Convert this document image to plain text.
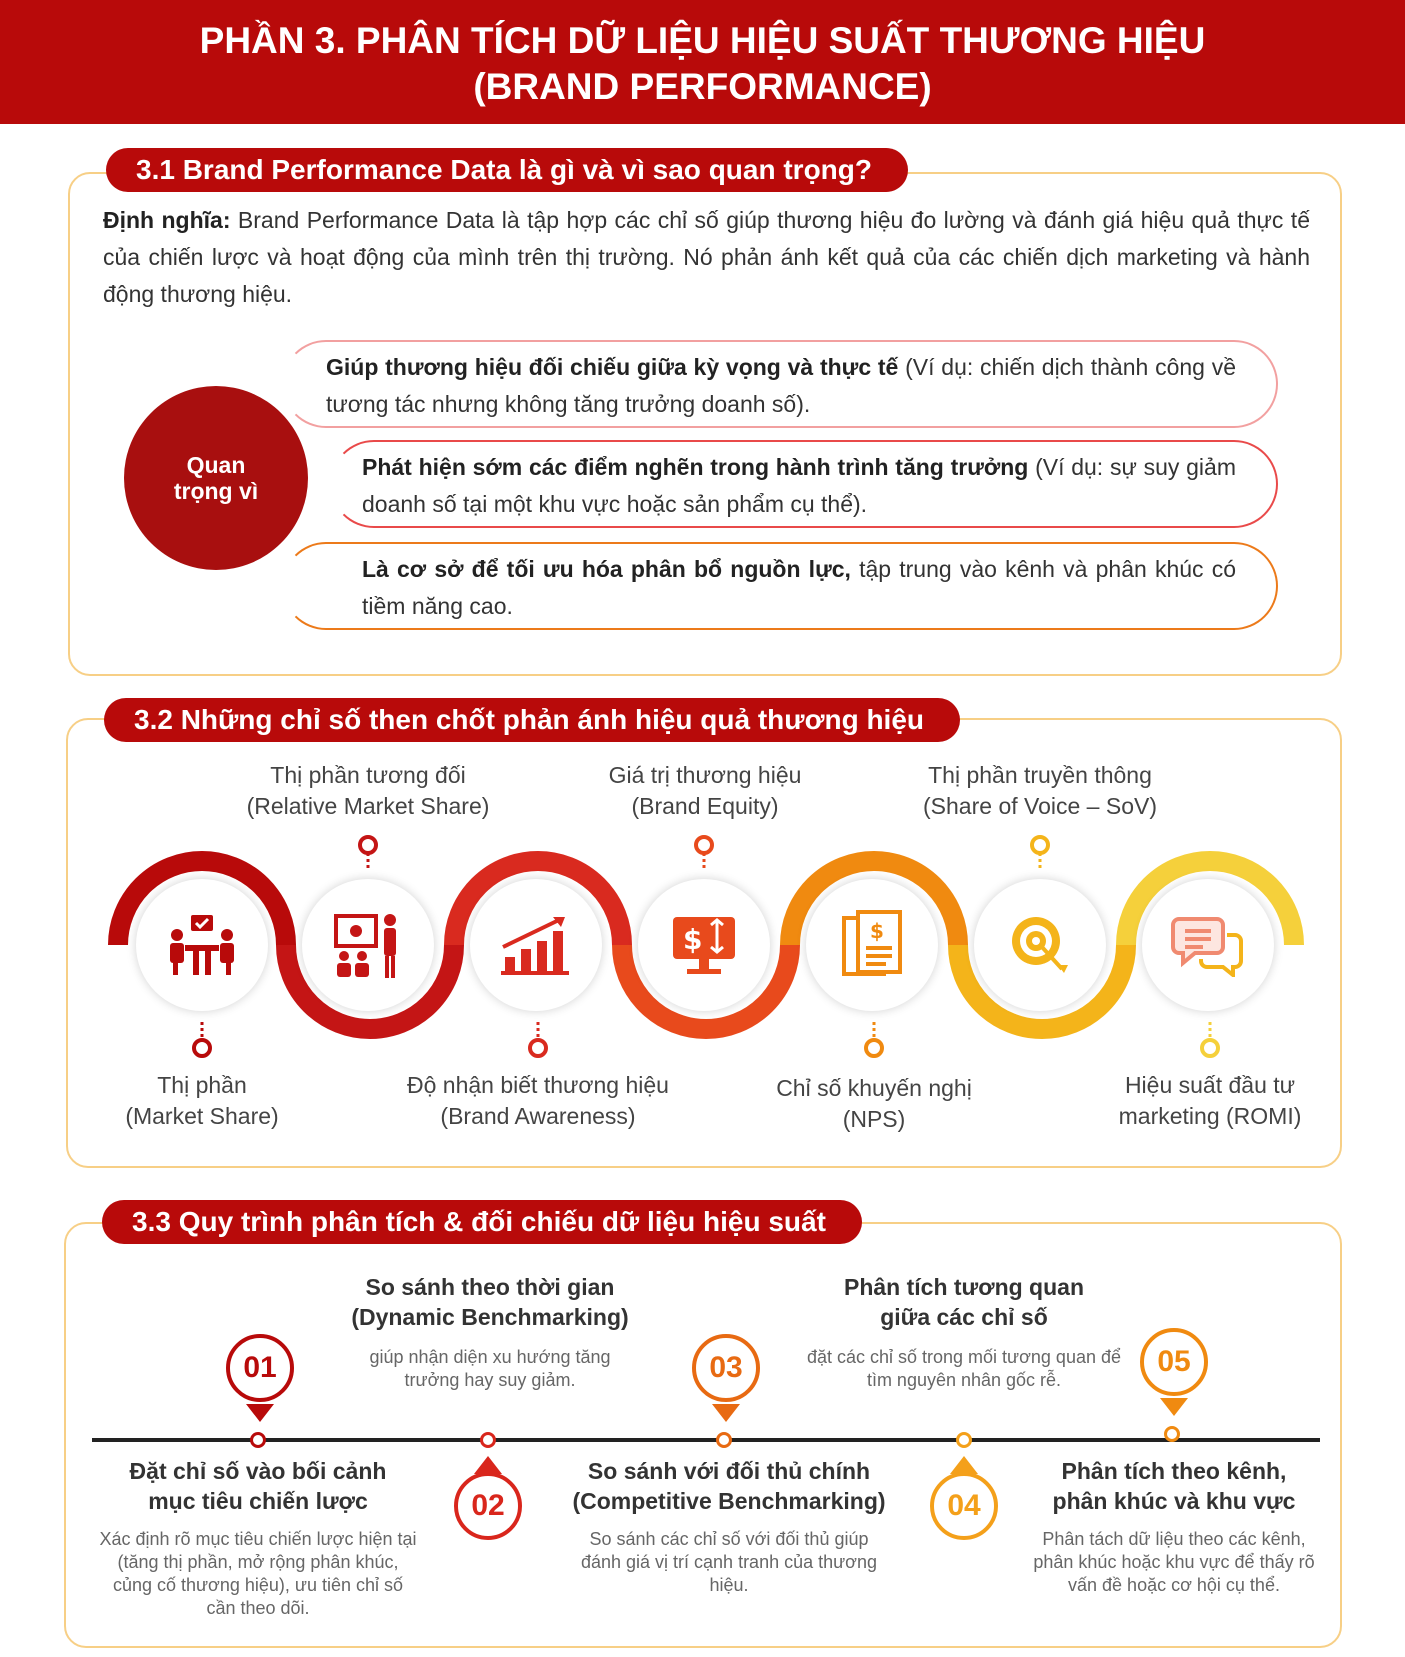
PHẦN 3. PHÂN TÍCH DỮ LIỆU HIỆU SUẤT THƯƠNG HIỆU
(BRAND PERFORMANCE)
3.1 Brand Performance Data là gì và vì sao quan trọng?
Định nghĩa: Brand Performance Data là tập hợp các chỉ số giúp thương hiệu đo lường và đánh giá hiệu quả thực tế của chiến lược và hoạt động của mình trên thị trường. Nó phản ánh kết quả của các chiến dịch marketing và hành động thương hiệu.
Quan trọng vì
Giúp thương hiệu đối chiếu giữa kỳ vọng và thực tế (Ví dụ: chiến dịch thành công về tương tác nhưng không tăng trưởng doanh số).
Phát hiện sớm các điểm nghẽn trong hành trình tăng trưởng (Ví dụ: sự suy giảm doanh số tại một khu vực hoặc sản phẩm cụ thể).
Là cơ sở để tối ưu hóa phân bổ nguồn lực, tập trung vào kênh và phân khúc có tiềm năng cao.
3.2 Những chỉ số then chốt phản ánh hiệu quả thương hiệu
Thị phần tương đối
(Relative Market Share)
Giá trị thương hiệu
(Brand Equity)
Thị phần truyền thông
(Share of Voice – SoV)
$	$
Thị phần
(Market Share)
Độ nhận biết thương hiệu
(Brand Awareness)
Chỉ số khuyến nghị
(NPS)
Hiệu suất đầu tư
marketing (ROMI)
3.3 Quy trình phân tích & đối chiếu dữ liệu hiệu suất
01
Đặt chỉ số vào bối cảnh
mục tiêu chiến lược
Xác định rõ mục tiêu chiến lược hiện tại (tăng thị phần, mở rộng phân khúc, củng cố thương hiệu), ưu tiên chỉ số cần theo dõi.
So sánh theo thời gian
(Dynamic Benchmarking)
giúp nhận diện xu hướng tăng trưởng hay suy giảm.
02
03
So sánh với đối thủ chính
(Competitive Benchmarking)
So sánh các chỉ số với đối thủ giúp đánh giá vị trí cạnh tranh của thương hiệu.
Phân tích tương quan
giữa các chỉ số
đặt các chỉ số trong mối tương quan để tìm nguyên nhân gốc rễ.
04
05
Phân tích theo kênh,
phân khúc và khu vực
Phân tách dữ liệu theo các kênh, phân khúc hoặc khu vực để thấy rõ vấn đề hoặc cơ hội cụ thể.
